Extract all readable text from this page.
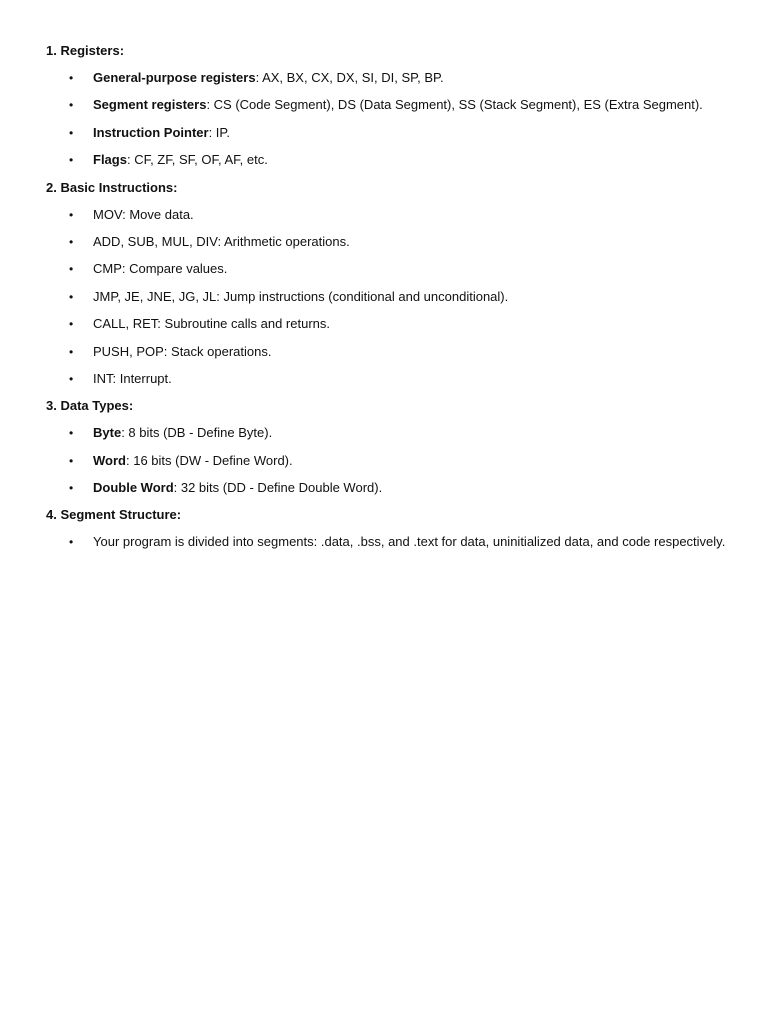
1. Registers:
•	General-purpose registers: AX, BX, CX, DX, SI, DI, SP, BP.
•	Segment registers: CS (Code Segment), DS (Data Segment), SS (Stack Segment), ES (Extra Segment).
•	Instruction Pointer: IP.
•	Flags: CF, ZF, SF, OF, AF, etc.
2. Basic Instructions:
•	MOV: Move data.
•	ADD, SUB, MUL, DIV: Arithmetic operations.
•	CMP: Compare values.
•	JMP, JE, JNE, JG, JL: Jump instructions (conditional and unconditional).
•	CALL, RET: Subroutine calls and returns.
•	PUSH, POP: Stack operations.
•	INT: Interrupt.
3. Data Types:
•	Byte: 8 bits (DB - Define Byte).
•	Word: 16 bits (DW - Define Word).
•	Double Word: 32 bits (DD - Define Double Word).
4. Segment Structure:
•	Your program is divided into segments: .data, .bss, and .text for data, uninitialized data, and code respectively.
